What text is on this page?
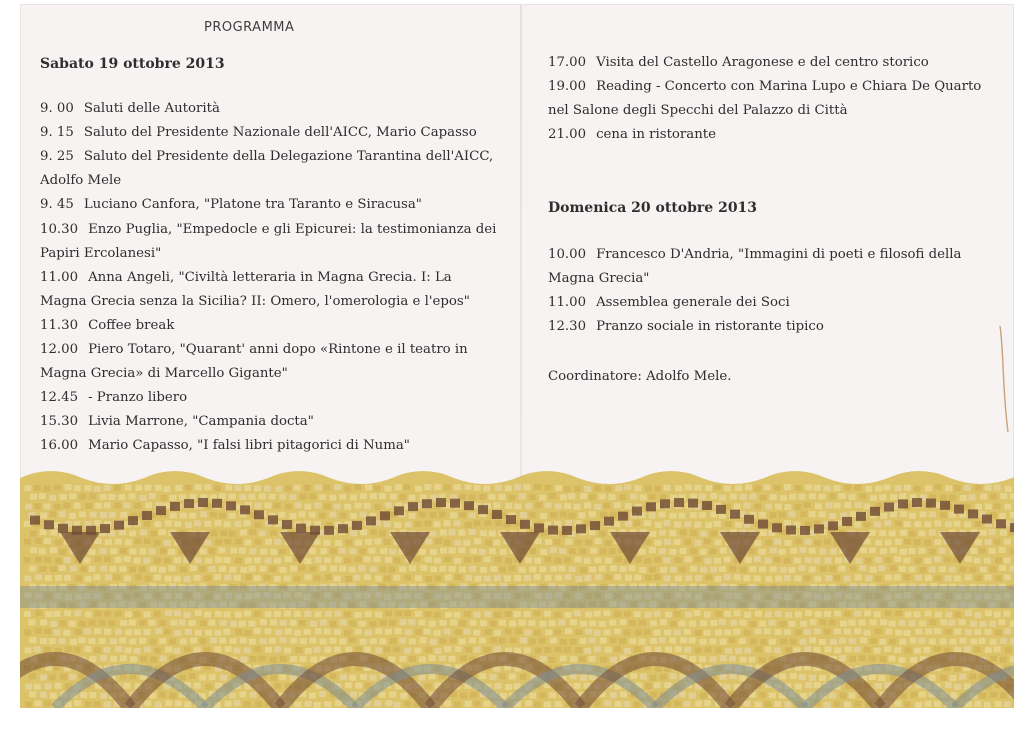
PROGRAMMA
Sabato 19 ottobre 2013
9. 00 Saluti delle Autorità
9. 15 Saluto del Presidente Nazionale dell'AICC, Mario Capasso
9. 25 Saluto del Presidente della Delegazione Tarantina dell'AICC,
Adolfo Mele
9. 45 Luciano Canfora, "Platone tra Taranto e Siracusa"
10.30 Enzo Puglia, "Empedocle e gli Epicurei: la testimonianza dei
Papiri Ercolanesi"
11.00 Anna Angeli, "Civiltà letteraria in Magna Grecia. I: La
Magna Grecia senza la Sicilia? II: Omero, l'omerologia e l'epos"
11.30 Coffee break
12.00 Piero Totaro, "Quarant' anni dopo «Rintone e il teatro in
Magna Grecia» di Marcello Gigante"
12.45 - Pranzo libero
15.30 Livia Marrone, "Campania docta"
16.00 Mario Capasso, "I falsi libri pitagorici di Numa"
17.00 Visita del Castello Aragonese e del centro storico
19.00 Reading - Concerto con Marina Lupo e Chiara De Quarto
nel Salone degli Specchi del Palazzo di Città
21.00 cena in ristorante
Domenica 20 ottobre 2013
10.00 Francesco D'Andria, "Immagini di poeti e filosofi della
Magna Grecia"
11.00 Assemblea generale dei Soci
12.30 Pranzo sociale in ristorante tipico
Coordinatore: Adolfo Mele.
